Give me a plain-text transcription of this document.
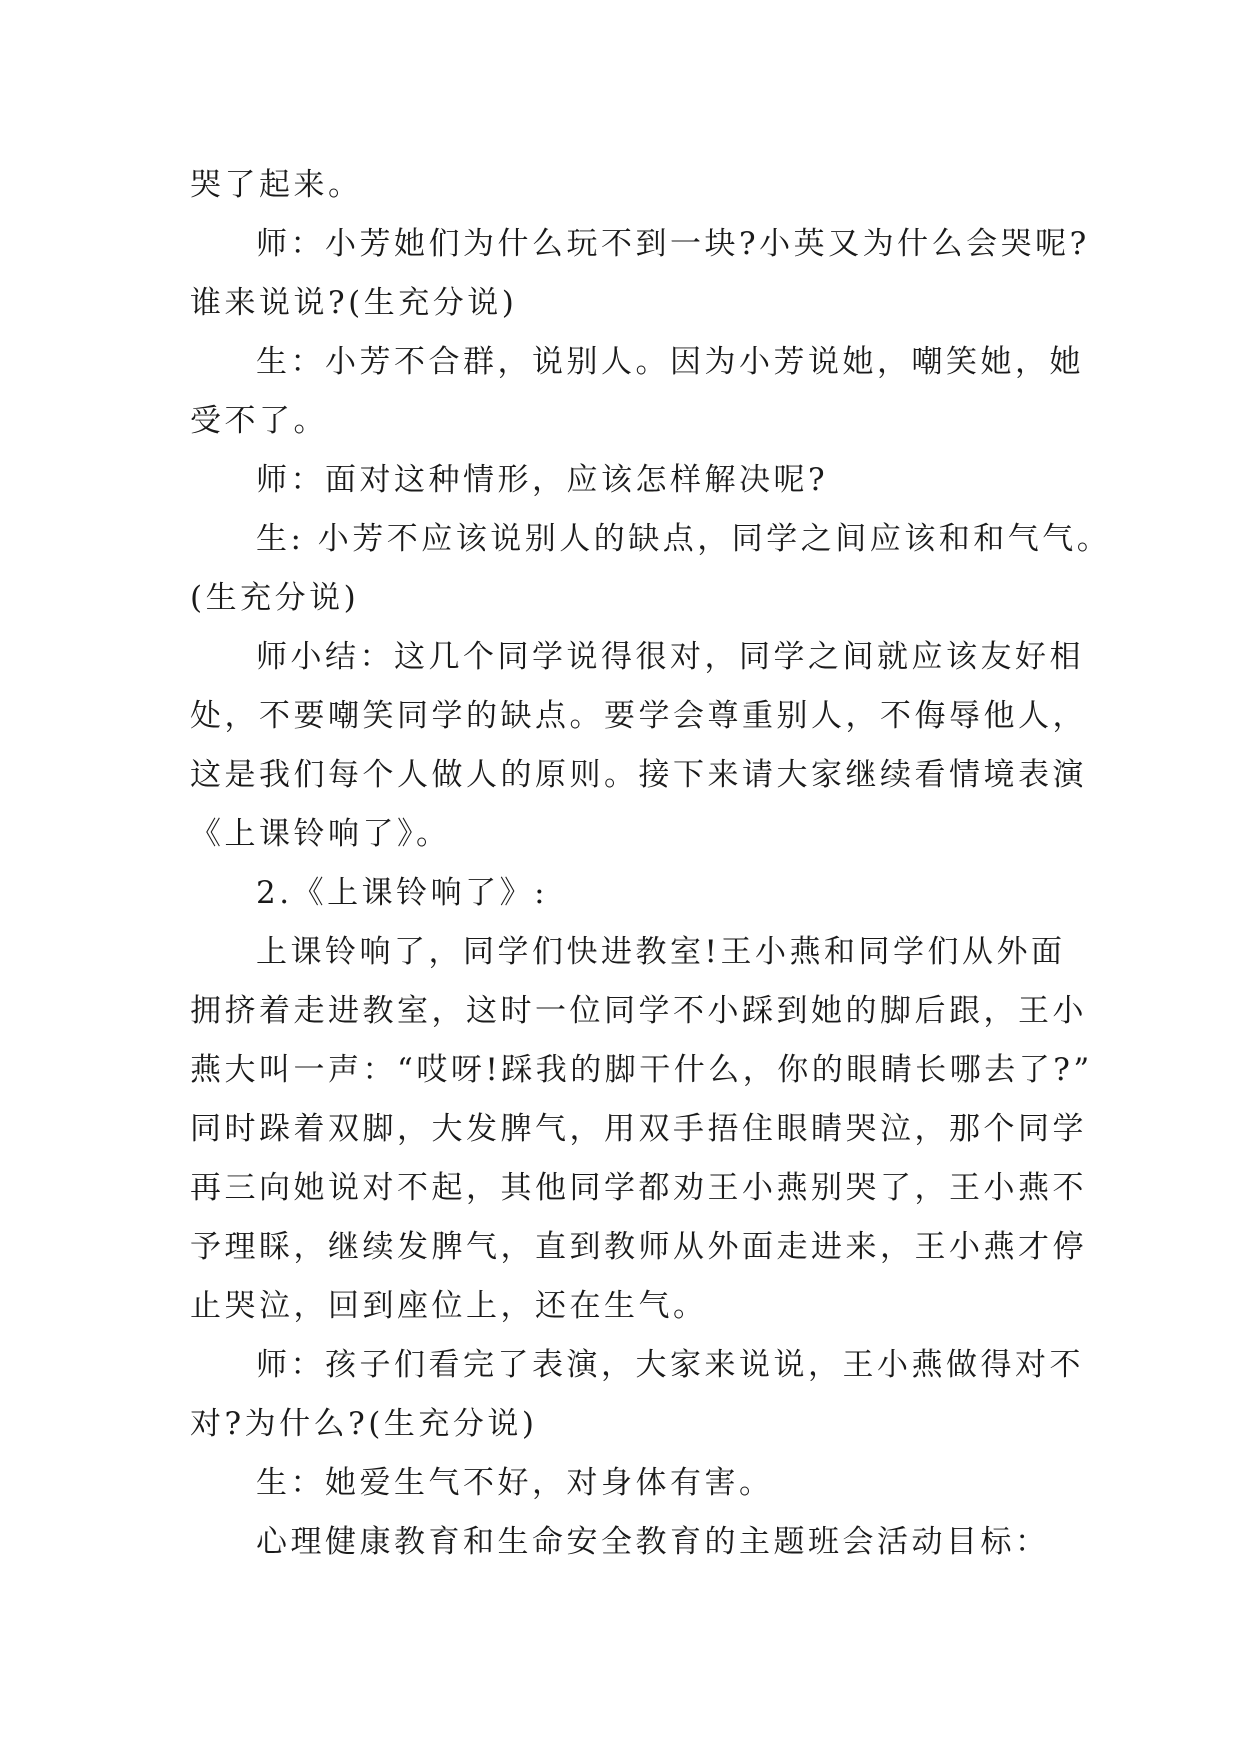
哭了起来。

师：小芳她们为什么玩不到一块?小英又为什么会哭呢?
谁来说说?(生充分说)

生：小芳不合群，说别人。因为小芳说她，嘲笑她，她
受不了。

师：面对这种情形，应该怎样解决呢?

生: 小芳不应该说别人的缺点，同学之间应该和和气气。
(生充分说)

师小结：这几个同学说得很对，同学之间就应该友好相
处，不要嘲笑同学的缺点。要学会尊重别人，不侮辱他人，
这是我们每个人做人的原则。接下来请大家继续看情境表演
《上课铃响了》。

2.《上课铃响了》:

上课铃响了，同学们快进教室!王小燕和同学们从外面
拥挤着走进教室，这时一位同学不小踩到她的脚后跟，王小
燕大叫一声：“哎呀!踩我的脚干什么，你的眼睛长哪去了?”
同时跺着双脚，大发脾气，用双手捂住眼睛哭泣，那个同学
再三向她说对不起，其他同学都劝王小燕别哭了，王小燕不
予理睬，继续发脾气，直到教师从外面走进来，王小燕才停
止哭泣，回到座位上，还在生气。

师：孩子们看完了表演，大家来说说，王小燕做得对不
对?为什么?(生充分说)

生：她爱生气不好，对身体有害。

心理健康教育和生命安全教育的主题班会活动目标：
